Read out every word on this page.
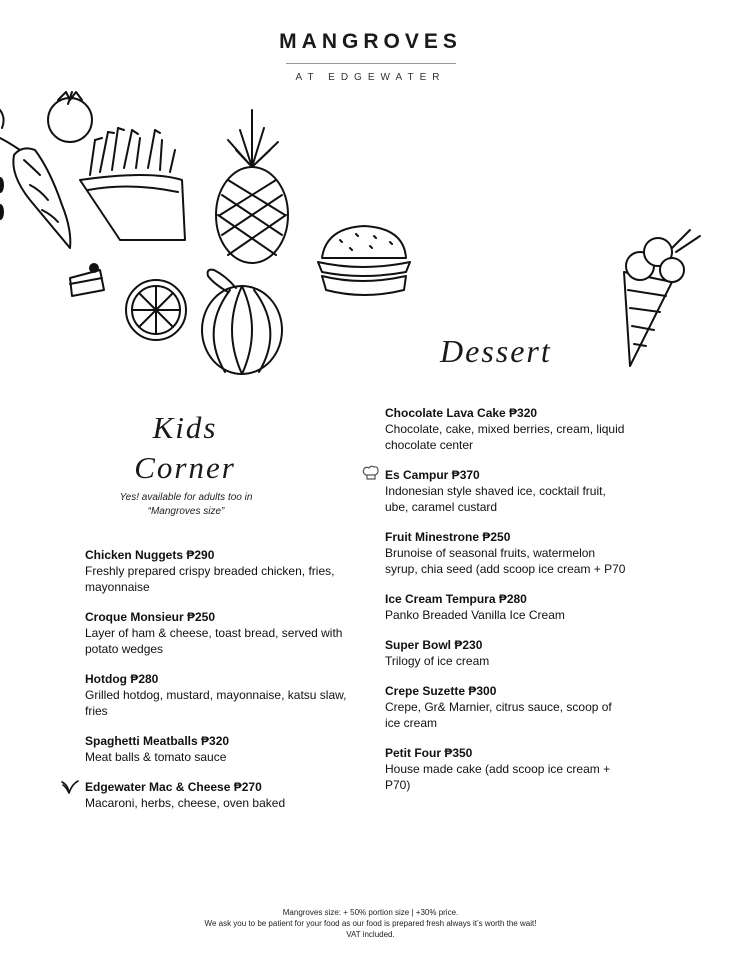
MANGROVES
AT EDGEWATER
Dessert
Kids
Corner
Yes! available for adults too in
“Mangroves size”
Chicken Nuggets ₱290
Freshly prepared crispy breaded chicken, fries, mayonnaise
Croque Monsieur ₱250
Layer of ham & cheese, toast bread, served with potato wedges
Hotdog ₱280
Grilled hotdog, mustard, mayonnaise, katsu slaw, fries
Spaghetti Meatballs ₱320
Meat balls & tomato sauce
Edgewater Mac & Cheese ₱270
Macaroni, herbs, cheese, oven baked
Chocolate Lava Cake ₱320
Chocolate, cake, mixed berries, cream, liquid chocolate center
Es Campur ₱370
Indonesian style shaved ice, cocktail fruit, ube, caramel custard
Fruit Minestrone ₱250
Brunoise of seasonal fruits, watermelon syrup, chia seed (add scoop ice cream + P70
Ice Cream Tempura ₱280
Panko Breaded Vanilla Ice Cream
Super Bowl ₱230
Trilogy of ice cream
Crepe Suzette ₱300
Crepe, Gr& Marnier, citrus sauce, scoop of ice cream
Petit Four ₱350
House made cake (add scoop ice cream + P70)
Mangroves size: + 50% portion size | +30% price.
We ask you to be patient for your food as our food is prepared fresh always it’s worth the wait!
VAT included.
